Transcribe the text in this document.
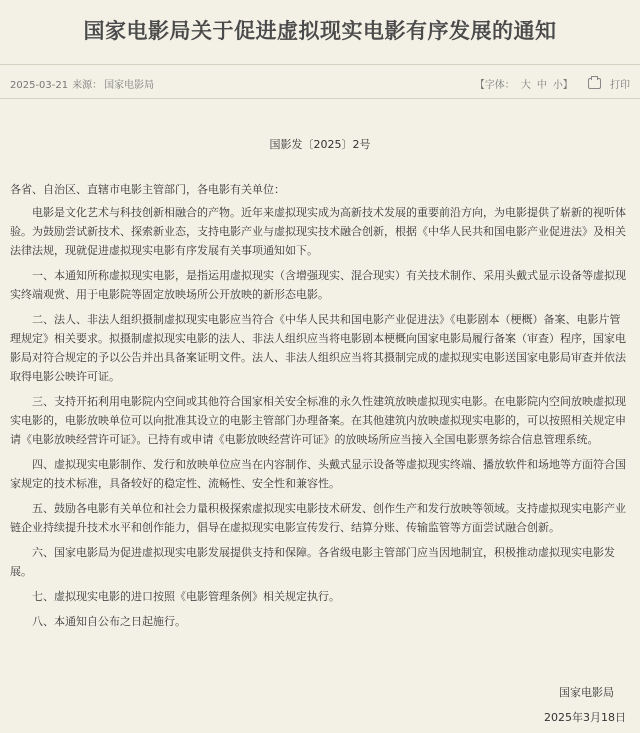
国家电影局关于促进虚拟现实电影有序发展的通知
2025-03-21 来源： 国家电影局	【字体： 大 中 小】	打印
国影发〔2025〕2号

各省、自治区、直辖市电影主管部门，各电影有关单位：

电影是文化艺术与科技创新相融合的产物。近年来虚拟现实成为高新技术发展的重要前沿方向，为电影提供了崭新的视听体验。为鼓励尝试新技术、探索新业态，支持电影产业与虚拟现实技术融合创新，根据《中华人民共和国电影产业促进法》及相关法律法规，现就促进虚拟现实电影有序发展有关事项通知如下。

一、本通知所称虚拟现实电影，是指运用虚拟现实（含增强现实、混合现实）有关技术制作、采用头戴式显示设备等虚拟现实终端观赏、用于电影院等固定放映场所公开放映的新形态电影。

二、法人、非法人组织摄制虚拟现实电影应当符合《中华人民共和国电影产业促进法》《电影剧本（梗概）备案、电影片管理规定》相关要求。拟摄制虚拟现实电影的法人、非法人组织应当将电影剧本梗概向国家电影局履行备案（审查）程序，国家电影局对符合规定的予以公告并出具备案证明文件。法人、非法人组织应当将其摄制完成的虚拟现实电影送国家电影局审查并依法取得电影公映许可证。

三、支持开拓利用电影院内空间或其他符合国家相关安全标准的永久性建筑放映虚拟现实电影。在电影院内空间放映虚拟现实电影的，电影放映单位可以向批准其设立的电影主管部门办理备案。在其他建筑内放映虚拟现实电影的，可以按照相关规定申请《电影放映经营许可证》。已持有或申请《电影放映经营许可证》的放映场所应当接入全国电影票务综合信息管理系统。

四、虚拟现实电影制作、发行和放映单位应当在内容制作、头戴式显示设备等虚拟现实终端、播放软件和场地等方面符合国家规定的技术标准，具备较好的稳定性、流畅性、安全性和兼容性。

五、鼓励各电影有关单位和社会力量积极探索虚拟现实电影技术研发、创作生产和发行放映等领域。支持虚拟现实电影产业链企业持续提升技术水平和创作能力，倡导在虚拟现实电影宣传发行、结算分账、传输监管等方面尝试融合创新。

六、国家电影局为促进虚拟现实电影发展提供支持和保障。各省级电影主管部门应当因地制宜，积极推动虚拟现实电影发展。

七、虚拟现实电影的进口按照《电影管理条例》相关规定执行。

八、本通知自公布之日起施行。

国家电影局
2025年3月18日
